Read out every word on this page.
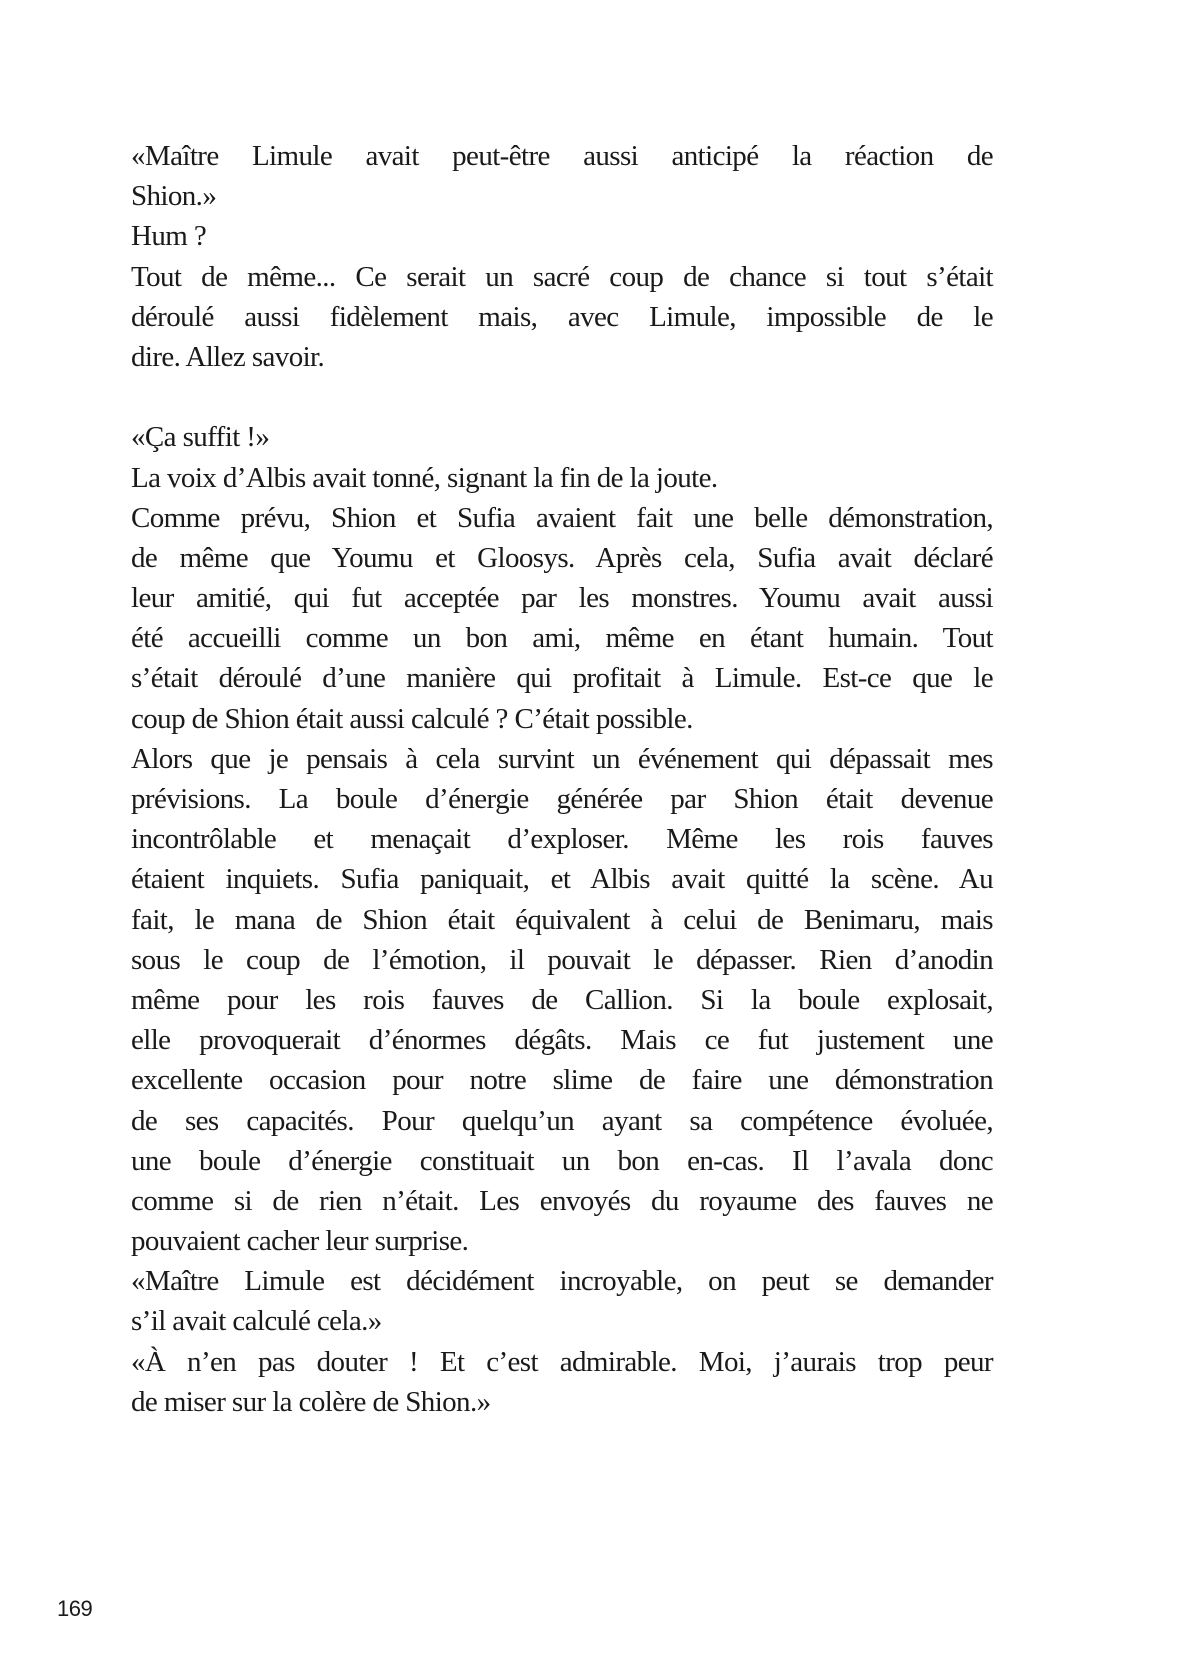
«Maître Limule avait peut-être aussi anticipé la réaction de
Shion.»
Hum ?
Tout de même... Ce serait un sacré coup de chance si tout s’était
déroulé aussi fidèlement mais, avec Limule, impossible de le
dire. Allez savoir.
«Ça suffit !»
La voix d’Albis avait tonné, signant la fin de la joute.
Comme prévu, Shion et Sufia avaient fait une belle démonstration,
de même que Youmu et Gloosys. Après cela, Sufia avait déclaré
leur amitié, qui fut acceptée par les monstres. Youmu avait aussi
été accueilli comme un bon ami, même en étant humain. Tout
s’était déroulé d’une manière qui profitait à Limule. Est-ce que le
coup de Shion était aussi calculé ? C’était possible.
Alors que je pensais à cela survint un événement qui dépassait mes
prévisions. La boule d’énergie générée par Shion était devenue
incontrôlable et menaçait d’exploser. Même les rois fauves
étaient inquiets. Sufia paniquait, et Albis avait quitté la scène. Au
fait, le mana de Shion était équivalent à celui de Benimaru, mais
sous le coup de l’émotion, il pouvait le dépasser. Rien d’anodin
même pour les rois fauves de Callion. Si la boule explosait,
elle provoquerait d’énormes dégâts. Mais ce fut justement une
excellente occasion pour notre slime de faire une démonstration
de ses capacités. Pour quelqu’un ayant sa compétence évoluée,
une boule d’énergie constituait un bon en-cas. Il l’avala donc
comme si de rien n’était. Les envoyés du royaume des fauves ne
pouvaient cacher leur surprise.
«Maître Limule est décidément incroyable, on peut se demander
s’il avait calculé cela.»
«À n’en pas douter ! Et c’est admirable. Moi, j’aurais trop peur
de miser sur la colère de Shion.»
169
